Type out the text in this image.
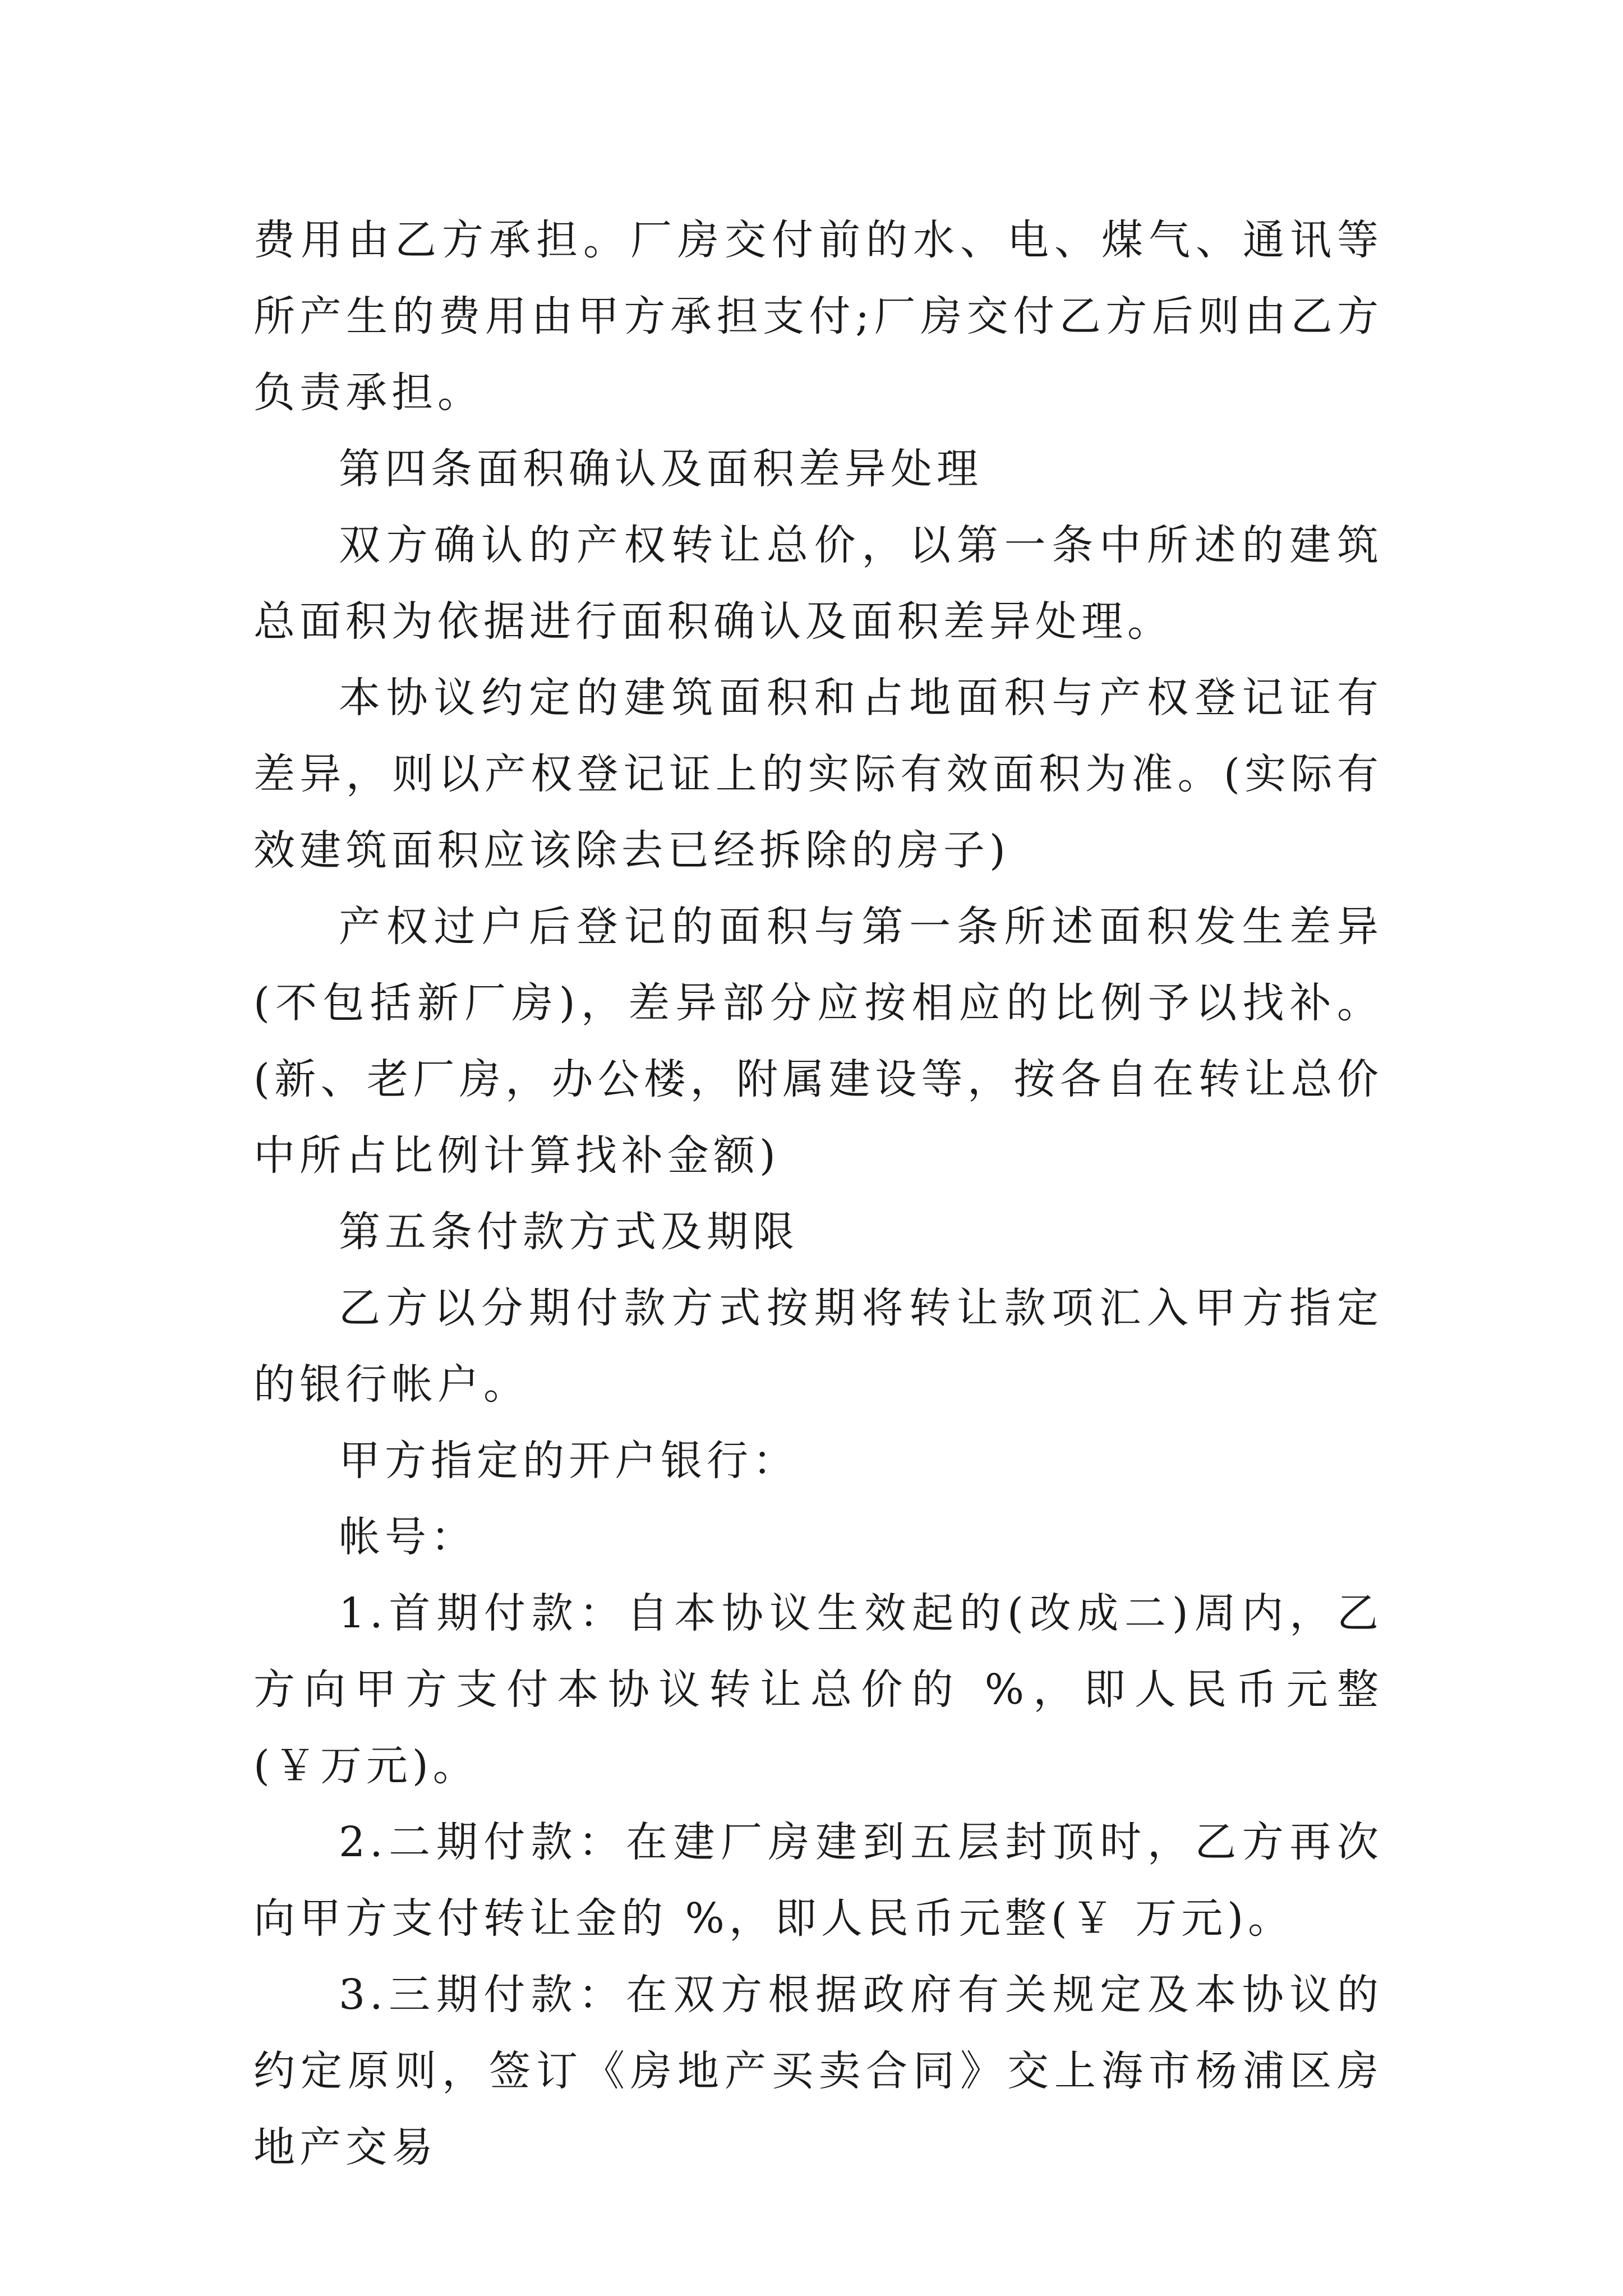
费用由乙方承担。厂房交付前的水、电、煤气、通讯等所产生的费用由甲方承担支付;厂房交付乙方后则由乙方负责承担。

第四条面积确认及面积差异处理

双方确认的产权转让总价，以第一条中所述的建筑总面积为依据进行面积确认及面积差异处理。

本协议约定的建筑面积和占地面积与产权登记证有差异，则以产权登记证上的实际有效面积为准。(实际有效建筑面积应该除去已经拆除的房子)

产权过户后登记的面积与第一条所述面积发生差异(不包括新厂房)，差异部分应按相应的比例予以找补。(新、老厂房，办公楼，附属建设等，按各自在转让总价中所占比例计算找补金额)

第五条付款方式及期限

乙方以分期付款方式按期将转让款项汇入甲方指定的银行帐户。

甲方指定的开户银行：

帐号：

1.首期付款：自本协议生效起的(改成二)周内，乙方向甲方支付本协议转让总价的 %，即人民币元整(￥万元)。

2.二期付款：在建厂房建到五层封顶时，乙方再次向甲方支付转让金的 %，即人民币元整(￥ 万元)。

3.三期付款：在双方根据政府有关规定及本协议的约定原则，签订《房地产买卖合同》交上海市杨浦区房地产交易
